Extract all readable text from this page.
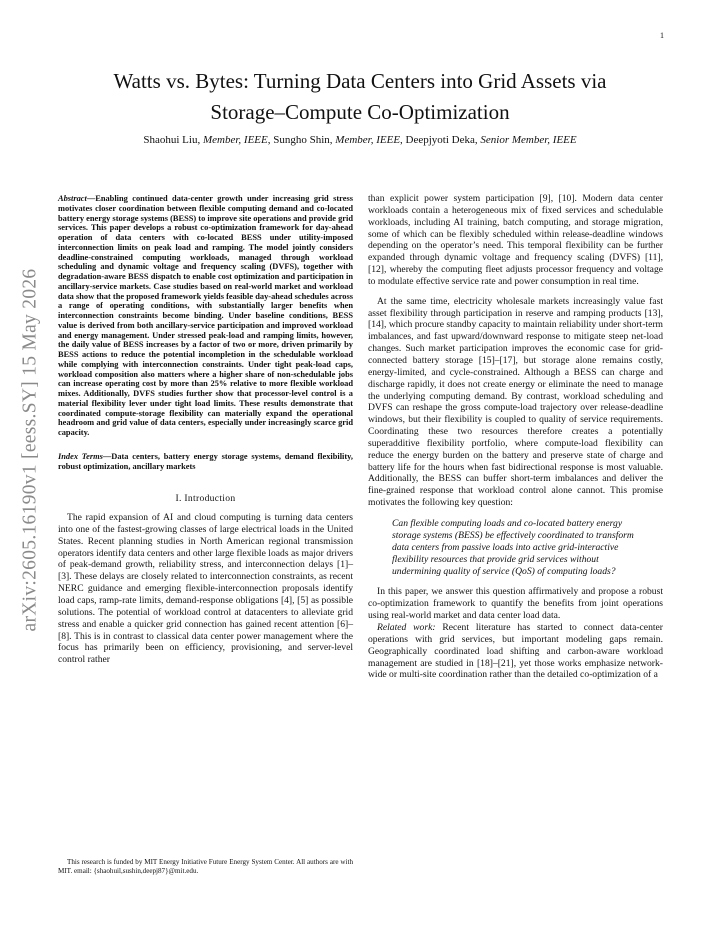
1
arXiv:2605.16190v1 [eess.SY] 15 May 2026
Watts vs. Bytes: Turning Data Centers into Grid Assets via
Storage–Compute Co-Optimization
Shaohui Liu, Member, IEEE, Sungho Shin, Member, IEEE, Deepjyoti Deka, Senior Member, IEEE
Abstract—Enabling continued data-center growth under increasing grid stress motivates closer coordination between flexible computing demand and co-located battery energy storage systems (BESS) to improve site operations and provide grid services. This paper develops a robust co-optimization framework for day-ahead operation of data centers with co-located BESS under utility-imposed interconnection limits on peak load and ramping. The model jointly considers deadline-constrained computing workloads, managed through workload scheduling and dynamic voltage and frequency scaling (DVFS), together with degradation-aware BESS dispatch to enable cost optimization and participation in ancillary-service markets. Case studies based on real-world market and workload data show that the proposed framework yields feasible day-ahead schedules across a range of operating conditions, with substantially larger benefits when interconnection constraints become binding. Under baseline conditions, BESS value is derived from both ancillary-service participation and improved workload and energy management. Under stressed peak-load and ramping limits, however, the daily value of BESS increases by a factor of two or more, driven primarily by BESS actions to reduce the potential incompletion in the schedulable workload while complying with interconnection constraints. Under tight peak-load caps, workload composition also matters where a higher share of non-schedulable jobs can increase operating cost by more than 25% relative to more flexible workload mixes. Additionally, DVFS studies further show that processor-level control is a material flexibility lever under tight load limits. These results demonstrate that coordinated compute-storage flexibility can materially expand the operational headroom and grid value of data centers, especially under increasingly scarce grid capacity.
Index Terms—Data centers, battery energy storage systems, demand flexibility, robust optimization, ancillary markets
I. Introduction

The rapid expansion of AI and cloud computing is turning data centers into one of the fastest-growing classes of large electrical loads in the United States. Recent planning studies in North American regional transmission operators identify data centers and other large flexible loads as major drivers of peak-demand growth, reliability stress, and interconnection delays [1]–[3]. These delays are closely related to interconnection constraints, as recent NERC guidance and emerging flexible-interconnection proposals identify load caps, ramp-rate limits, demand-response obligations [4], [5] as possible solutions. The potential of workload control at datacenters to alleviate grid stress and enable a quicker grid connection has gained recent attention [6]–[8]. This is in contrast to classical data center power management where the focus has primarily been on efficiency, provisioning, and server-level control rather

than explicit power system participation [9], [10]. Modern data center workloads contain a heterogeneous mix of fixed services and schedulable workloads, including AI training, batch computing, and storage migration, some of which can be flexibly scheduled within release-deadline windows depending on the operator’s need. This temporal flexibility can be further expanded through dynamic voltage and frequency scaling (DVFS) [11], [12], whereby the computing fleet adjusts processor frequency and voltage to modulate effective service rate and power consumption in real time.

At the same time, electricity wholesale markets increasingly value fast asset flexibility through participation in reserve and ramping products [13], [14], which procure standby capacity to maintain reliability under short-term imbalances, and fast upward/downward response to mitigate steep net-load changes. Such market participation improves the economic case for grid-connected battery storage [15]–[17], but storage alone remains costly, energy-limited, and cycle-constrained. Although a BESS can charge and discharge rapidly, it does not create energy or eliminate the need to manage the underlying computing demand. By contrast, workload scheduling and DVFS can reshape the gross compute-load trajectory over release-deadline windows, but their flexibility is coupled to quality of service requirements. Coordinating these two resources therefore creates a potentially superadditive flexibility portfolio, where compute-load flexibility can reduce the energy burden on the battery and preserve state of charge and battery life for the hours when fast bidirectional response is most valuable. Additionally, the BESS can buffer short-term imbalances and deliver the fine-grained response that workload control alone cannot. This promise motivates the following key question:

Can flexible computing loads and co-located battery energy storage systems (BESS) be effectively coordinated to transform data centers from passive loads into active grid-interactive flexibility resources that provide grid services without undermining quality of service (QoS) of computing loads?

In this paper, we answer this question affirmatively and propose a robust co-optimization framework to quantify the benefits from joint operations using real-world market and data center load data.

Related work: Recent literature has started to connect data-center operations with grid services, but important modeling gaps remain. Geographically coordinated load shifting and carbon-aware workload management are studied in [18]–[21], yet those works emphasize network-wide or multi-site coordination rather than the detailed co-optimization of a

This research is funded by MIT Energy Initiative Future Energy System Center. All authors are with MIT. email: {shaohuil,sushin,deepj87}@mit.edu.
